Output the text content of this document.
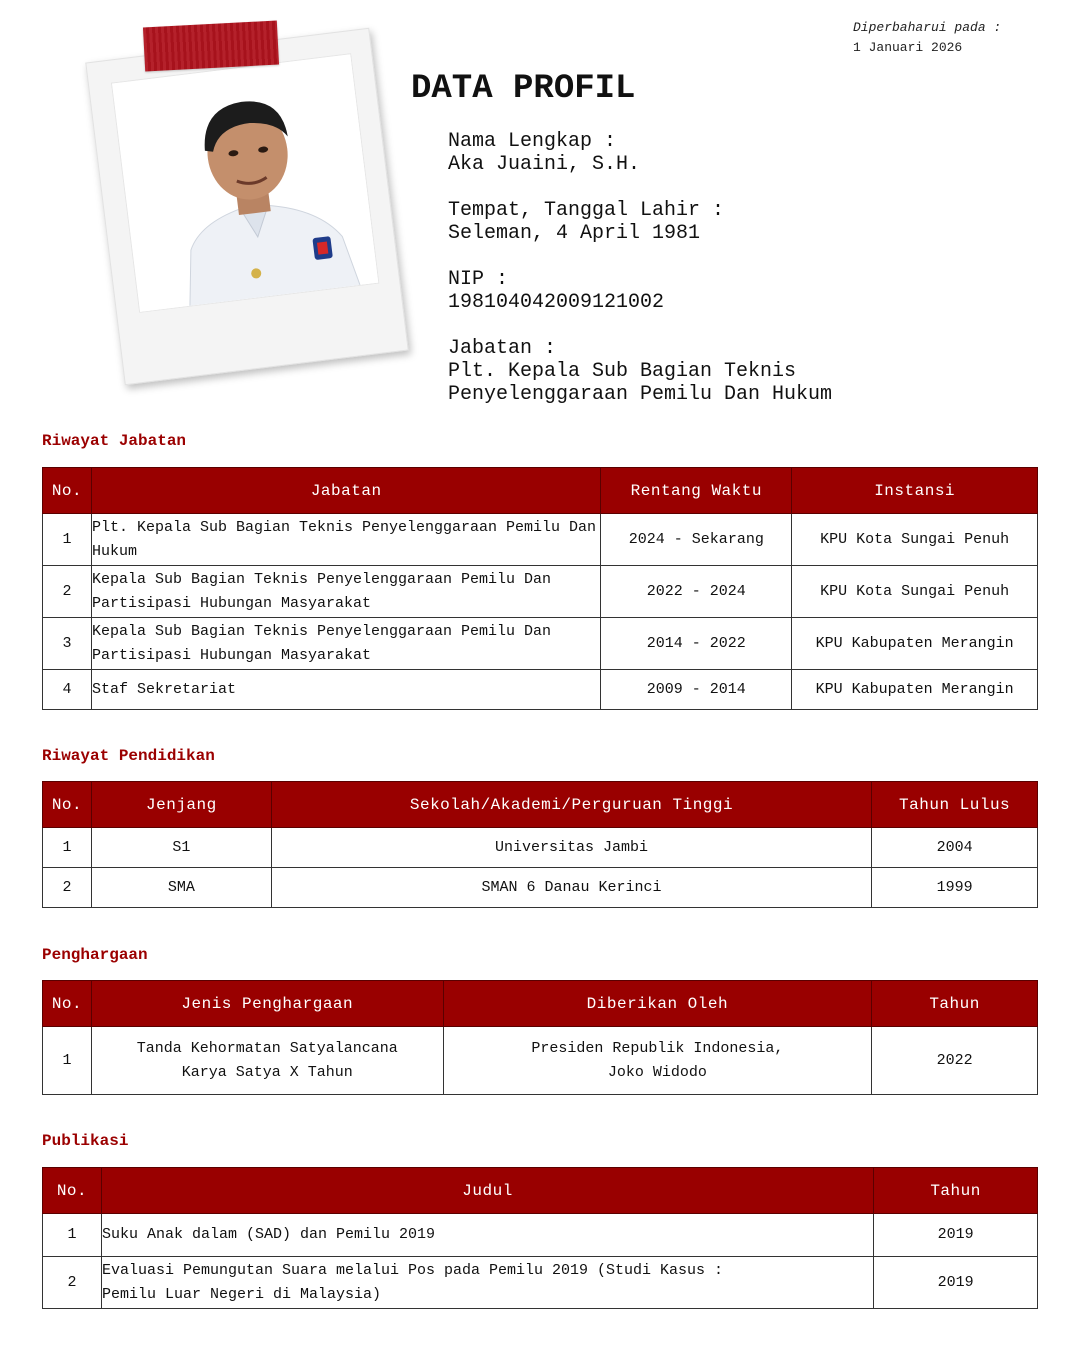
Diperbaharui pada :
1 Januari 2026
DATA PROFIL
Nama Lengkap :
Aka Juaini, S.H.
Tempat, Tanggal Lahir :
Seleman, 4 April 1981
NIP :
198104042009121002
Jabatan :
Plt. Kepala Sub Bagian Teknis
Penyelenggaraan Pemilu Dan Hukum
Riwayat Jabatan
No.	Jabatan	Rentang Waktu	Instansi
1	Plt. Kepala Sub Bagian Teknis Penyelenggaraan Pemilu Dan Hukum	2024 - Sekarang	KPU Kota Sungai Penuh
2	Kepala Sub Bagian Teknis Penyelenggaraan Pemilu Dan Partisipasi Hubungan Masyarakat	2022 - 2024	KPU Kota Sungai Penuh
3	Kepala Sub Bagian Teknis Penyelenggaraan Pemilu Dan Partisipasi Hubungan Masyarakat	2014 - 2022	KPU Kabupaten Merangin
4	Staf Sekretariat	2009 - 2014	KPU Kabupaten Merangin
Riwayat Pendidikan
No.	Jenjang	Sekolah/Akademi/Perguruan Tinggi	Tahun Lulus
1	S1	Universitas Jambi	2004
2	SMA	SMAN 6 Danau Kerinci	1999
Penghargaan
No.	Jenis Penghargaan	Diberikan Oleh	Tahun
1	Tanda Kehormatan Satyalancana Karya Satya X Tahun	Presiden Republik Indonesia, Joko Widodo	2022
Publikasi
No.	Judul	Tahun
1	Suku Anak dalam (SAD) dan Pemilu 2019	2019
2	Evaluasi Pemungutan Suara melalui Pos pada Pemilu 2019 (Studi Kasus : Pemilu Luar Negeri di Malaysia)	2019
